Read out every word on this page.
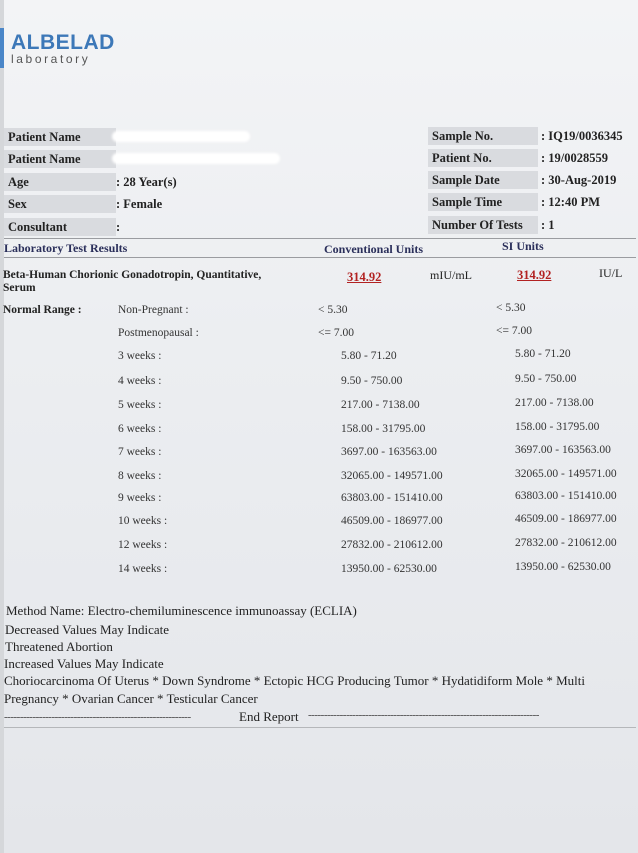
ALBELAD
laboratory
Patient Name
Patient Name
Age	: 28 Year(s)
Sex	: Female
Consultant	:
Sample No.	: IQ19/0036345
Patient No.	: 19/0028559
Sample Date	: 30-Aug-2019
Sample Time	: 12:40 PM
Number Of Tests	: 1
Laboratory Test Results	Conventional Units	SI Units
Beta-Human Chorionic Gonadotropin, Quantitative,
Serum
314.92	mIU/mL	314.92	IU/L
Normal Range :	Non-Pregnant :	< 5.30	< 5.30
Postmenopausal :	<= 7.00	<= 7.00
3 weeks :	5.80 - 71.20	5.80 - 71.20
4 weeks :	9.50 - 750.00	9.50 - 750.00
5 weeks :	217.00 - 7138.00	217.00 - 7138.00
6 weeks :	158.00 - 31795.00	158.00 - 31795.00
7 weeks :	3697.00 - 163563.00	3697.00 - 163563.00
8 weeks :	32065.00 - 149571.00	32065.00 - 149571.00
9 weeks :	63803.00 - 151410.00	63803.00 - 151410.00
10 weeks :	46509.00 - 186977.00	46509.00 - 186977.00
12 weeks :	27832.00 - 210612.00	27832.00 - 210612.00
14 weeks :	13950.00 - 62530.00	13950.00 - 62530.00
Method Name: Electro-chemiluminescence immunoassay (ECLIA)
Decreased Values May Indicate
Threatened Abortion
Increased Values May Indicate
Choriocarcinoma Of Uterus * Down Syndrome * Ectopic HCG Producing Tumor * Hydatidiform Mole * Multi
Pregnancy * Ovarian Cancer * Testicular Cancer
-----------------------------------------------------------	End Report -------------------------------------------------------------------------
